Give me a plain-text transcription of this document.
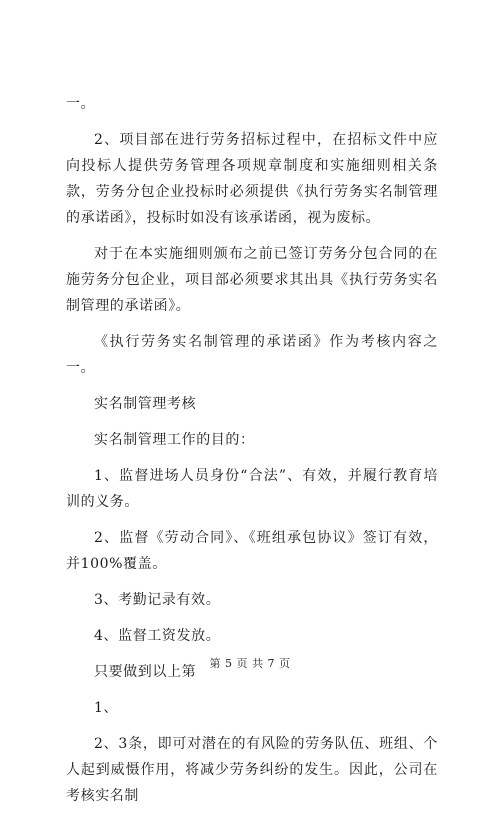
一。

2、项目部在进行劳务招标过程中，在招标文件中应向投标人提供劳务管理各项规章制度和实施细则相关条款，劳务分包企业投标时必须提供《执行劳务实名制管理的承诺函》，投标时如没有该承诺函，视为废标。

对于在本实施细则颁布之前已签订劳务分包合同的在施劳务分包企业，项目部必须要求其出具《执行劳务实名制管理的承诺函》。

《执行劳务实名制管理的承诺函》作为考核内容之一。

实名制管理考核

实名制管理工作的目的：

1、监督进场人员身份“合法”、有效，并履行教育培训的义务。

2、监督《劳动合同》、《班组承包协议》签订有效，并100%覆盖。

3、考勤记录有效。

4、监督工资发放。

只要做到以上第

1、

2、3条，即可对潜在的有风险的劳务队伍、班组、个人起到威慑作用，将减少劳务纠纷的发生。因此，公司在考核实名制

第 5 页 共 7 页
